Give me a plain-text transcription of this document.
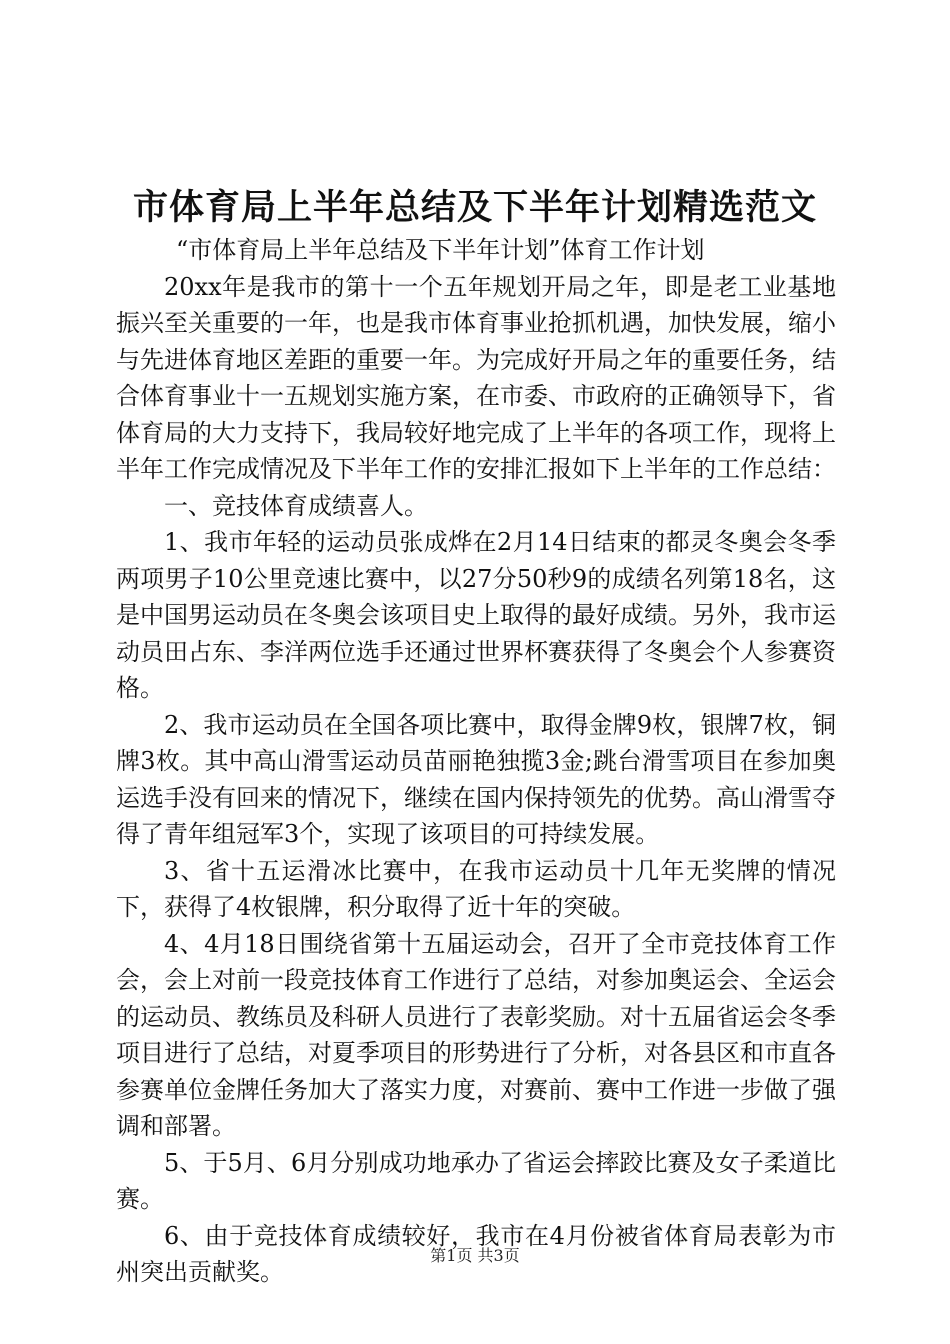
市体育局上半年总结及下半年计划精选范文

“市体育局上半年总结及下半年计划”体育工作计划

20xx年是我市的第十一个五年规划开局之年，即是老工业基地振兴至关重要的一年，也是我市体育事业抢抓机遇，加快发展，缩小与先进体育地区差距的重要一年。为完成好开局之年的重要任务，结合体育事业十一五规划实施方案，在市委、市政府的正确领导下，省体育局的大力支持下，我局较好地完成了上半年的各项工作，现将上半年工作完成情况及下半年工作的安排汇报如下上半年的工作总结：

一、竞技体育成绩喜人。

1、我市年轻的运动员张成烨在2月14日结束的都灵冬奥会冬季两项男子10公里竞速比赛中，以27分50秒9的成绩名列第18名，这是中国男运动员在冬奥会该项目史上取得的最好成绩。另外，我市运动员田占东、李洋两位选手还通过世界杯赛获得了冬奥会个人参赛资格。

2、我市运动员在全国各项比赛中，取得金牌9枚，银牌7枚，铜牌3枚。其中高山滑雪运动员苗丽艳独揽3金;跳台滑雪项目在参加奥运选手没有回来的情况下，继续在国内保持领先的优势。高山滑雪夺得了青年组冠军3个，实现了该项目的可持续发展。

3、省十五运滑冰比赛中，在我市运动员十几年无奖牌的情况下，获得了4枚银牌，积分取得了近十年的突破。

4、4月18日围绕省第十五届运动会，召开了全市竞技体育工作会，会上对前一段竞技体育工作进行了总结，对参加奥运会、全运会的运动员、教练员及科研人员进行了表彰奖励。对十五届省运会冬季项目进行了总结，对夏季项目的形势进行了分析，对各县区和市直各参赛单位金牌任务加大了落实力度，对赛前、赛中工作进一步做了强调和部署。

5、于5月、6月分别成功地承办了省运会摔跤比赛及女子柔道比赛。

6、由于竞技体育成绩较好，我市在4月份被省体育局表彰为市州突出贡献奖。

第1页 共3页
